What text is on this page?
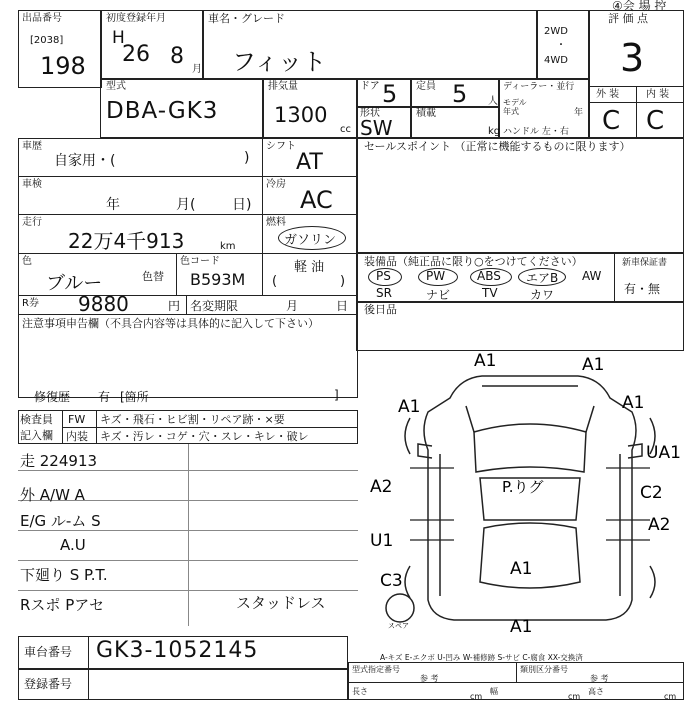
④会 場 控
出品番号
[2038]
198
初度登録年月
H
26 8
月
車名・グレード
フィット
2WD
・
4WD
評 価 点
3
外 装	内 装
C C
型式
DBA-GK3
排気量
1300
cc
ドア 5 定員 5 人
ディーラー・並行
モデル
年式	年
ハンドル 左・右
形状
SW
積載
kg
車歴
自家用・(	)
シフト
AT
車検
年	月(	日)
冷房
AC
走行
22万4千913	km
燃料
ガソリン
軽 油
(	)
色
ブルー	色替
色コード
B593M
R券 9880	円 名変期限	月	日
注意事項申告欄（不具合内容等は具体的に記入して下さい）
修復歴 有 [箇所	]
セールスポイント （正常に機能するものに限ります）
装備品（純正品に限り○をつけてください）	新車保証書
有・無
PS	PW	ABS エアB AW
SR	ナビ	TV	カワ
後日品
検査員
記入欄
FW キズ・飛石・ヒビ割・リペア跡・×要
内装 キズ・汚レ・コゲ・穴・スレ・キレ・破レ
走 224913
外 A/W A
E/G ル-ム S
A.U
下廻り S P.T.
Rスポ Pアセ	スタッドレス
A1	A1
A1	A1
UA1
A2	C2
A2
U1
A1
C3
A1
P.りグ
スペア
車台番号 GK3-1052145
登録番号
A-キズ E-エクボ U-凹み W-補修跡 S-サビ C-腐食 XX-交換済
型式指定番号
参 考
類別区分番号
参 考
長さ
cm
幅
cm
高さ
cm
